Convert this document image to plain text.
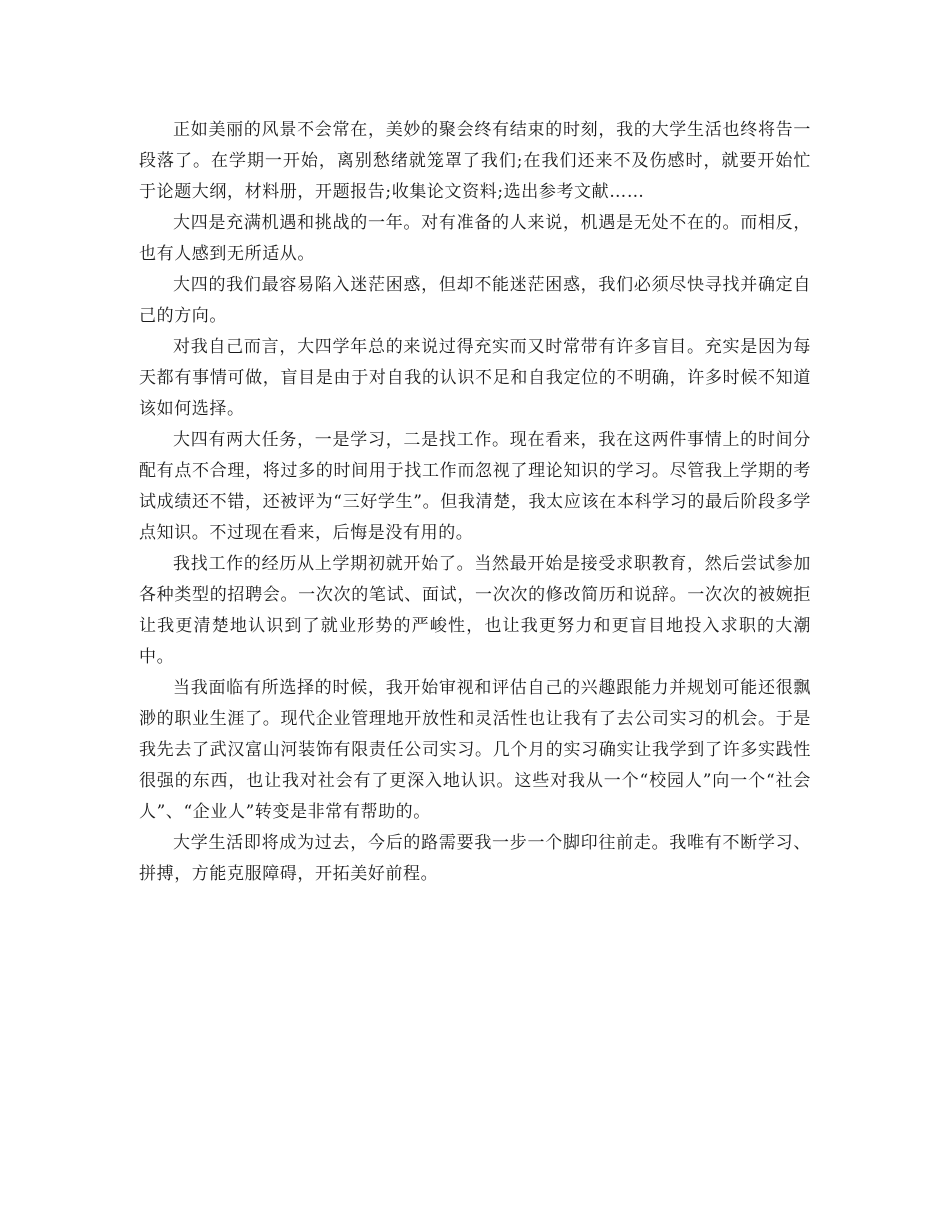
正如美丽的风景不会常在，美妙的聚会终有结束的时刻，我的大学生活也终将告一段落了。在学期一开始，离别愁绪就笼罩了我们;在我们还来不及伤感时，就要开始忙于论题大纲，材料册，开题报告;收集论文资料;选出参考文献……

大四是充满机遇和挑战的一年。对有准备的人来说，机遇是无处不在的。而相反，也有人感到无所适从。

大四的我们最容易陷入迷茫困惑，但却不能迷茫困惑，我们必须尽快寻找并确定自己的方向。

对我自己而言，大四学年总的来说过得充实而又时常带有许多盲目。充实是因为每天都有事情可做，盲目是由于对自我的认识不足和自我定位的不明确，许多时候不知道该如何选择。

大四有两大任务，一是学习，二是找工作。现在看来，我在这两件事情上的时间分配有点不合理，将过多的时间用于找工作而忽视了理论知识的学习。尽管我上学期的考试成绩还不错，还被评为“三好学生”。但我清楚，我太应该在本科学习的最后阶段多学点知识。不过现在看来，后悔是没有用的。

我找工作的经历从上学期初就开始了。当然最开始是接受求职教育，然后尝试参加各种类型的招聘会。一次次的笔试、面试，一次次的修改简历和说辞。一次次的被婉拒让我更清楚地认识到了就业形势的严峻性，也让我更努力和更盲目地投入求职的大潮中。

当我面临有所选择的时候，我开始审视和评估自己的兴趣跟能力并规划可能还很飘渺的职业生涯了。现代企业管理地开放性和灵活性也让我有了去公司实习的机会。于是我先去了武汉富山河装饰有限责任公司实习。几个月的实习确实让我学到了许多实践性很强的东西，也让我对社会有了更深入地认识。这些对我从一个“校园人”向一个“社会人”、“企业人”转变是非常有帮助的。

大学生活即将成为过去，今后的路需要我一步一个脚印往前走。我唯有不断学习、拼搏，方能克服障碍，开拓美好前程。
